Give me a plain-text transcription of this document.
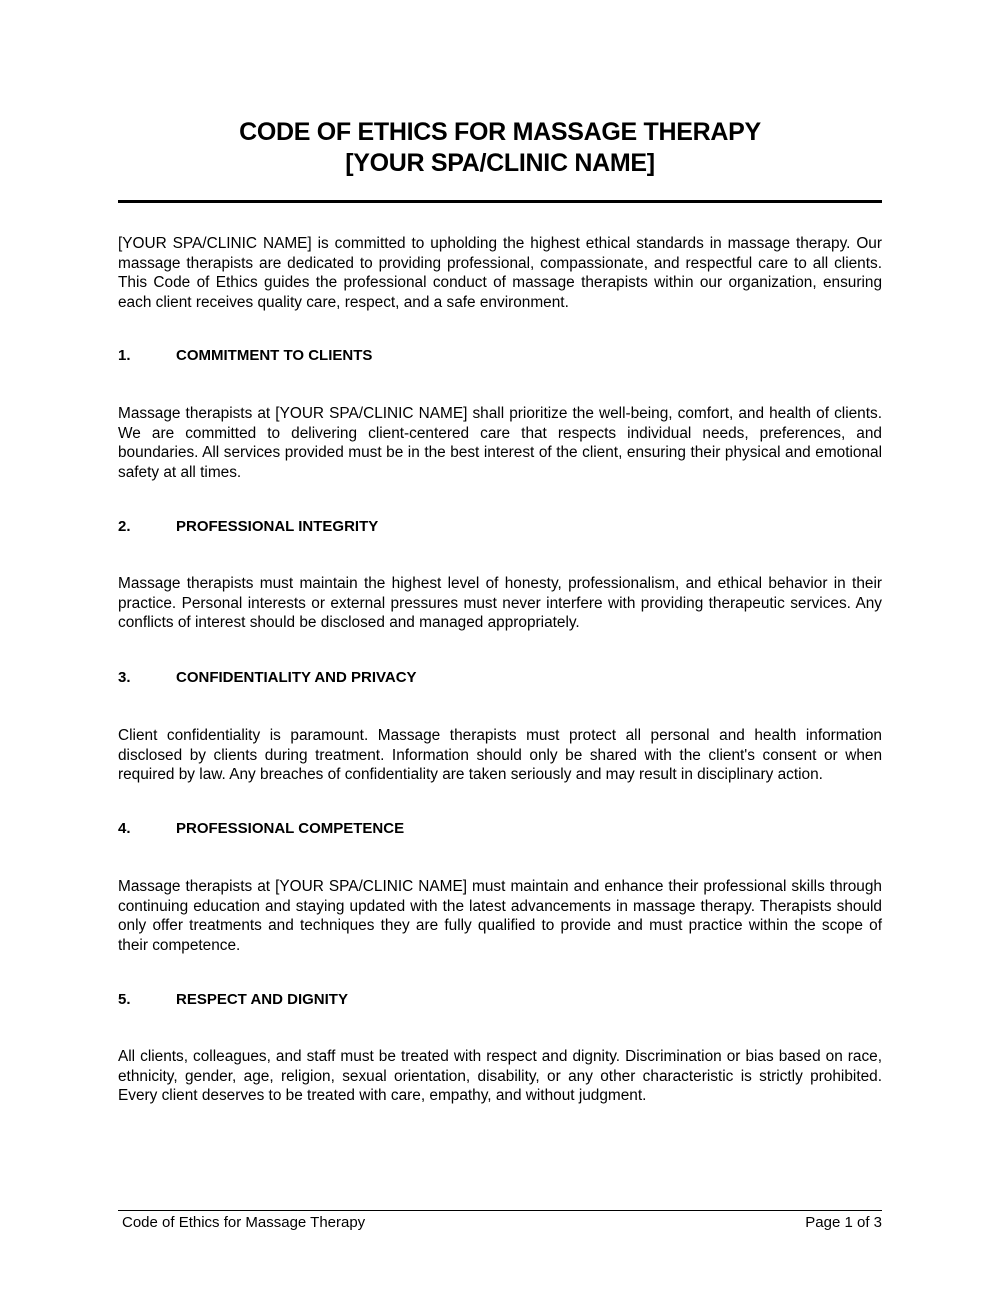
CODE OF ETHICS FOR MASSAGE THERAPY
[YOUR SPA/CLINIC NAME]

[YOUR SPA/CLINIC NAME] is committed to upholding the highest ethical standards in massage therapy. Our massage therapists are dedicated to providing professional, compassionate, and respectful care to all clients. This Code of Ethics guides the professional conduct of massage therapists within our organization, ensuring each client receives quality care, respect, and a safe environment.

1.	COMMITMENT TO CLIENTS

Massage therapists at [YOUR SPA/CLINIC NAME] shall prioritize the well-being, comfort, and health of clients. We are committed to delivering client-centered care that respects individual needs, preferences, and boundaries. All services provided must be in the best interest of the client, ensuring their physical and emotional safety at all times.

2.	PROFESSIONAL INTEGRITY

Massage therapists must maintain the highest level of honesty, professionalism, and ethical behavior in their practice. Personal interests or external pressures must never interfere with providing therapeutic services. Any conflicts of interest should be disclosed and managed appropriately.

3.	CONFIDENTIALITY AND PRIVACY

Client confidentiality is paramount. Massage therapists must protect all personal and health information disclosed by clients during treatment. Information should only be shared with the client's consent or when required by law. Any breaches of confidentiality are taken seriously and may result in disciplinary action.

4.	PROFESSIONAL COMPETENCE

Massage therapists at [YOUR SPA/CLINIC NAME] must maintain and enhance their professional skills through continuing education and staying updated with the latest advancements in massage therapy. Therapists should only offer treatments and techniques they are fully qualified to provide and must practice within the scope of their competence.

5.	RESPECT AND DIGNITY

All clients, colleagues, and staff must be treated with respect and dignity. Discrimination or bias based on race, ethnicity, gender, age, religion, sexual orientation, disability, or any other characteristic is strictly prohibited. Every client deserves to be treated with care, empathy, and without judgment.

Code of Ethics for Massage Therapy	Page 1 of 3
